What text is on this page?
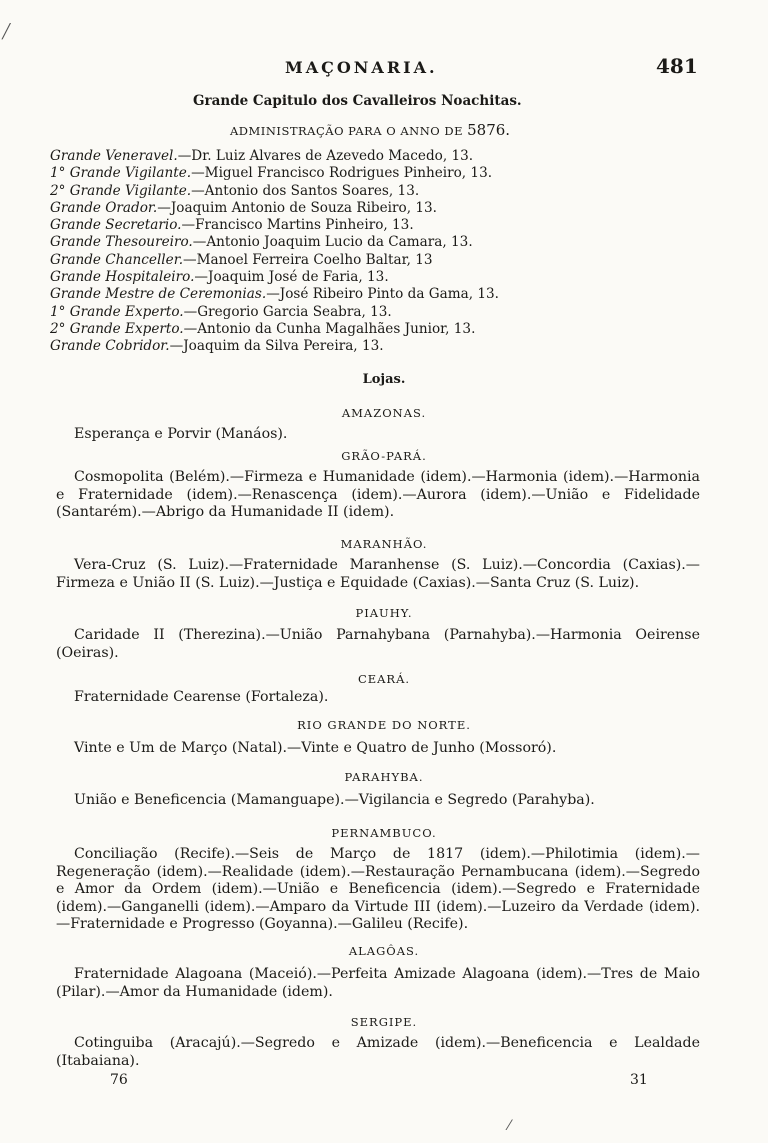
╱
MAÇONARIA.	481
Grande Capitulo dos Cavalleiros Noachitas.
ADMINISTRAÇÃO PARA O ANNO DE 5876.
Grande Veneravel.—Dr. Luiz Alvares de Azevedo Macedo, 13.
1° Grande Vigilante.—Miguel Francisco Rodrigues Pinheiro, 13.
2° Grande Vigilante.—Antonio dos Santos Soares, 13.
Grande Orador.—Joaquim Antonio de Souza Ribeiro, 13.
Grande Secretario.—Francisco Martins Pinheiro, 13.
Grande Thesoureiro.—Antonio Joaquim Lucio da Camara, 13.
Grande Chanceller.—Manoel Ferreira Coelho Baltar, 13
Grande Hospitaleiro.—Joaquim José de Faria, 13.
Grande Mestre de Ceremonias.—José Ribeiro Pinto da Gama, 13.
1° Grande Experto.—Gregorio Garcia Seabra, 13.
2° Grande Experto.—Antonio da Cunha Magalhães Junior, 13.
Grande Cobridor.—Joaquim da Silva Pereira, 13.
Lojas.
AMAZONAS.
Esperança e Porvir (Manáos).
GRÃO-PARÁ.
Cosmopolita (Belém).—Firmeza e Humanidade (idem).—Harmonia (idem).—Harmonia e Fraternidade (idem).—Renascença (idem).—Aurora (idem).—União e Fidelidade (Santarém).—Abrigo da Humanidade II (idem).
MARANHÃO.
Vera-Cruz (S. Luiz).—Fraternidade Maranhense (S. Luiz).—Concordia (Caxias).—Firmeza e União II (S. Luiz).—Justiça e Equidade (Caxias).—Santa Cruz (S. Luiz).
PIAUHY.
Caridade II (Therezina).—União Parnahybana (Parnahyba).—Harmonia Oeirense (Oeiras).
CEARÁ.
Fraternidade Cearense (Fortaleza).
RIO GRANDE DO NORTE.
Vinte e Um de Março (Natal).—Vinte e Quatro de Junho (Mossoró).
PARAHYBA.
União e Beneficencia (Mamanguape).—Vigilancia e Segredo (Parahyba).
PERNAMBUCO.
Conciliação (Recife).—Seis de Março de 1817 (idem).—Philotimia (idem).—Regeneração (idem).—Realidade (idem).—Restauração Pernambucana (idem).—Segredo e Amor da Ordem (idem).—União e Beneficencia (idem).—Segredo e Fraternidade (idem).—Ganganelli (idem).—Amparo da Virtude III (idem).—Luzeiro da Verdade (idem).—Fraternidade e Progresso (Goyanna).—Galileu (Recife).
ALAGÔAS.
Fraternidade Alagoana (Maceió).—Perfeita Amizade Alagoana (idem).—Tres de Maio (Pilar).—Amor da Humanidade (idem).
SERGIPE.
Cotinguiba (Aracajú).—Segredo e Amizade (idem).—Beneficencia e Lealdade (Itabaiana).
76	31
⁄
